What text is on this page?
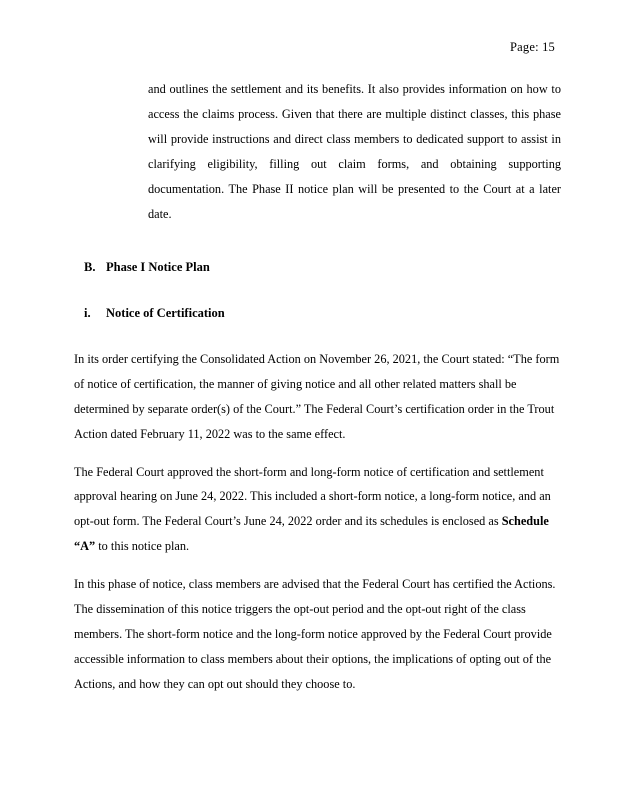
Page: 15
and outlines the settlement and its benefits. It also provides information on how to access the claims process. Given that there are multiple distinct classes, this phase will provide instructions and direct class members to dedicated support to assist in clarifying eligibility, filling out claim forms, and obtaining supporting documentation. The Phase II notice plan will be presented to the Court at a later date.
B. Phase I Notice Plan
i. Notice of Certification
In its order certifying the Consolidated Action on November 26, 2021, the Court stated: “The form of notice of certification, the manner of giving notice and all other related matters shall be determined by separate order(s) of the Court.” The Federal Court’s certification order in the Trout Action dated February 11, 2022 was to the same effect.
The Federal Court approved the short-form and long-form notice of certification and settlement approval hearing on June 24, 2022. This included a short-form notice, a long-form notice, and an opt-out form. The Federal Court’s June 24, 2022 order and its schedules is enclosed as Schedule “A” to this notice plan.
In this phase of notice, class members are advised that the Federal Court has certified the Actions. The dissemination of this notice triggers the opt-out period and the opt-out right of the class members. The short-form notice and the long-form notice approved by the Federal Court provide accessible information to class members about their options, the implications of opting out of the Actions, and how they can opt out should they choose to.
